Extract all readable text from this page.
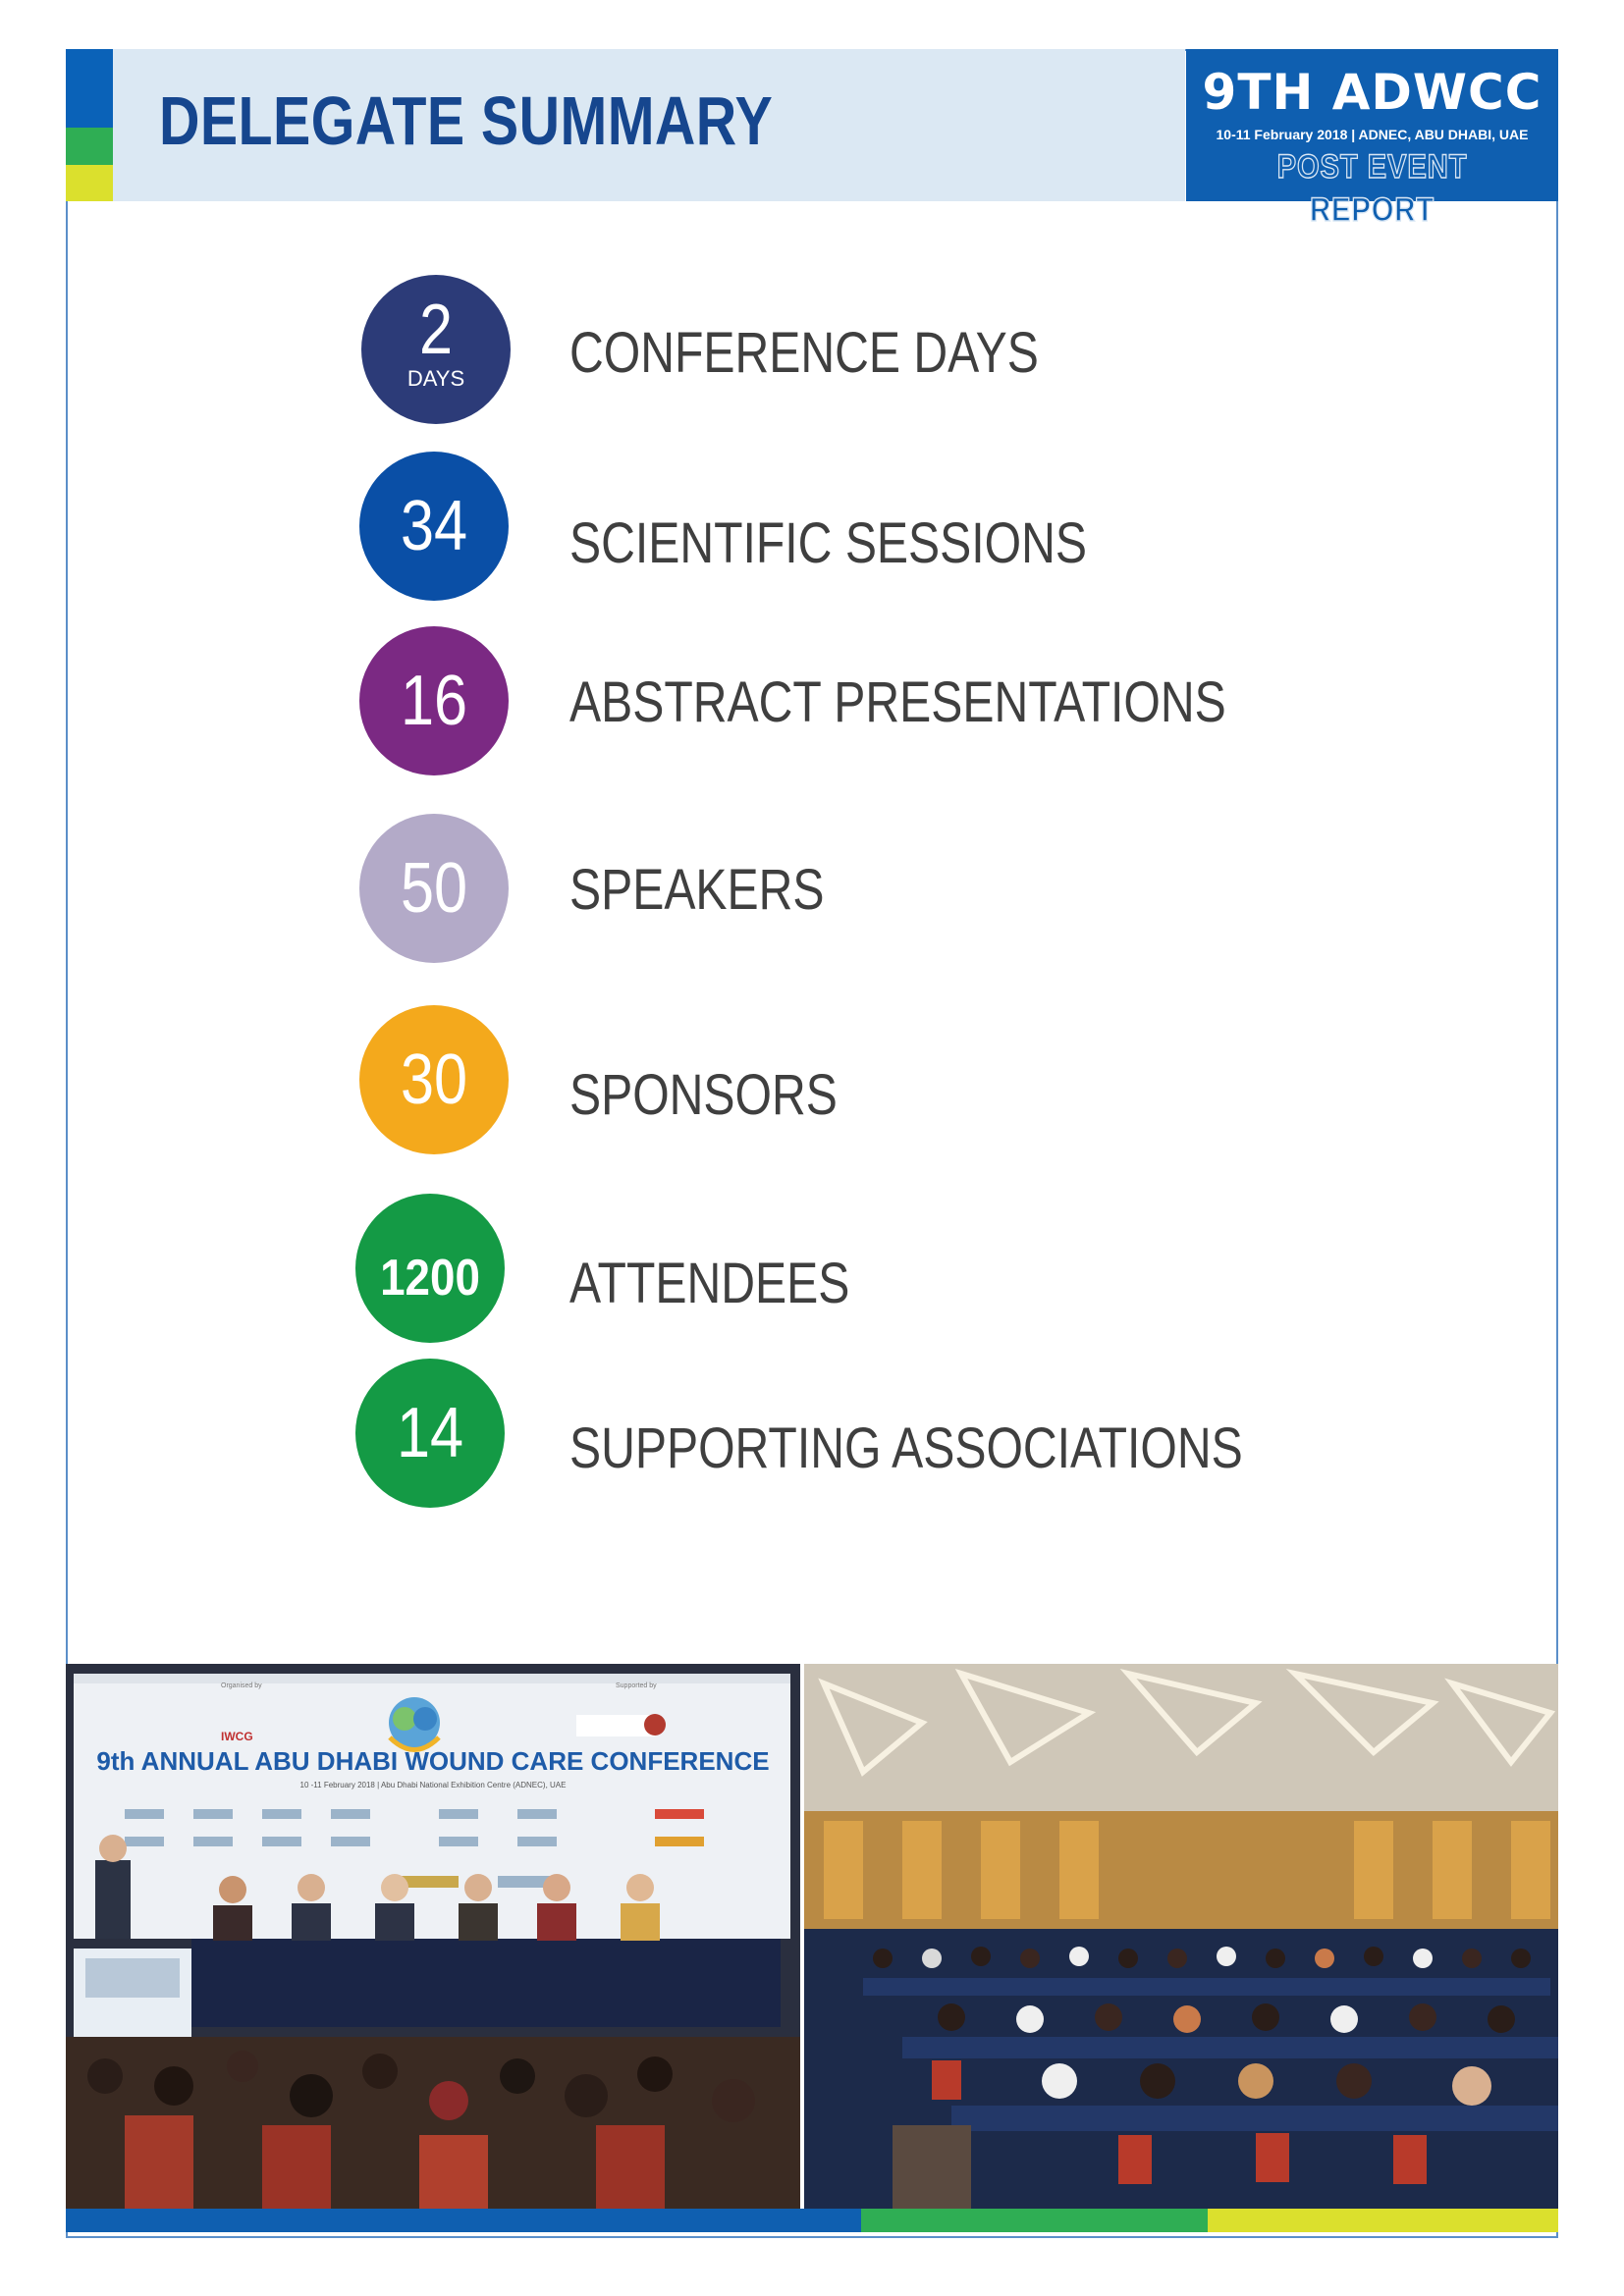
DELEGATE SUMMARY	9TH ADWCC
10-11 February 2018 | ADNEC, ABU DHABI, UAE
POST EVENT REPORT
2
DAYS	CONFERENCE DAYS
34	SCIENTIFIC SESSIONS
16	ABSTRACT PRESENTATIONS
50	SPEAKERS
30	SPONSORS
1200 ATTENDEES
14	SUPPORTING ASSOCIATIONS
Organised by	Supported by
IWCG
9th ANNUAL ABU DHABI WOUND CARE CONFERENCE
10 -11 February 2018 | Abu Dhabi National Exhibition Centre (ADNEC), UAE
